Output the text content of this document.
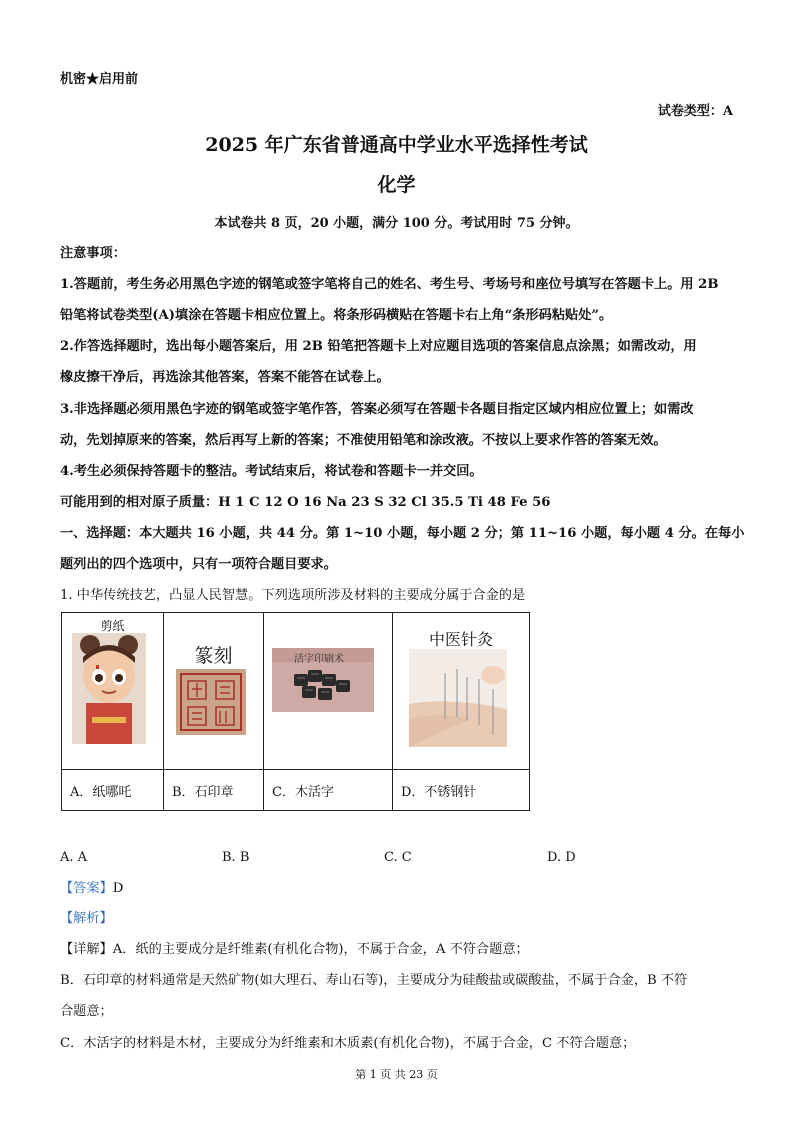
机密★启用前
试卷类型：A
2025 年广东省普通高中学业水平选择性考试
化学
本试卷共 8 页，20 小题，满分 100 分。考试用时 75 分钟。
注意事项：
1.答题前，考生务必用黑色字迹的钢笔或签字笔将自己的姓名、考生号、考场号和座位号填写在答题卡上。用 2B
铅笔将试卷类型(A)填涂在答题卡相应位置上。将条形码横贴在答题卡右上角“条形码粘贴处”。
2.作答选择题时，选出每小题答案后，用 2B 铅笔把答题卡上对应题目选项的答案信息点涂黑；如需改动，用
橡皮擦干净后，再选涂其他答案，答案不能答在试卷上。
3.非选择题必须用黑色字迹的钢笔或签字笔作答，答案必须写在答题卡各题目指定区域内相应位置上；如需改
动，先划掉原来的答案，然后再写上新的答案；不准使用铅笔和涂改液。不按以上要求作答的答案无效。
4.考生必须保持答题卡的整洁。考试结束后，将试卷和答题卡一并交回。
可能用到的相对原子质量：H 1 C 12 O 16 Na 23 S 32 Cl 35.5 Ti 48 Fe 56
一、选择题：本大题共 16 小题，共 44 分。第 1~10 小题，每小题 2 分；第 11~16 小题，每小题 4 分。在每小
题列出的四个选项中，只有一项符合题目要求。
1. 中华传统技艺，凸显人民智慧。下列选项所涉及材料的主要成分属于合金的是
剪纸	篆刻	活字印刷术	中医针灸

A．纸哪吒	B．石印章	C．木活字	D．不锈钢针
A. A	B. B	C. C	D. D
【答案】D
【解析】
【详解】A．纸的主要成分是纤维素(有机化合物)，不属于合金，A 不符合题意；
B．石印章的材料通常是天然矿物(如大理石、寿山石等)，主要成分为硅酸盐或碳酸盐，不属于合金，B 不符
合题意；
C．木活字的材料是木材，主要成分为纤维素和木质素(有机化合物)，不属于合金，C 不符合题意；
第 1 页 共 23 页
